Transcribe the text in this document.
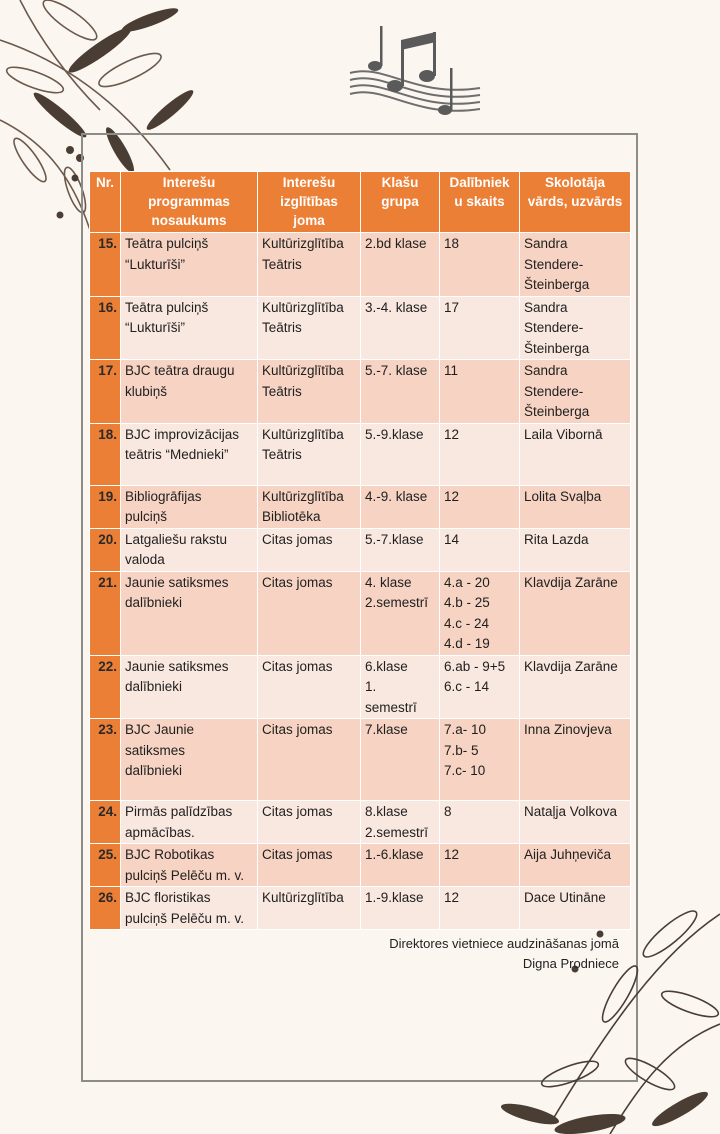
Nr.	Interešu
programmas
nosaukums	Interešu
izglītības
joma	Klašu
grupa	Dalībniek
u skaits	Skolotāja
vārds, uzvārds

15.	Teātra pulciņš
“Lukturīši”	Kultūrizglītība
Teātris	2.bd klase	18	Sandra
Stendere-
Šteinberga

16.	Teātra pulciņš
“Lukturīši”	Kultūrizglītība
Teātris	3.-4. klase	17	Sandra
Stendere-
Šteinberga

17.	BJC teātra draugu
klubiņš	Kultūrizglītība
Teātris	5.-7. klase	11	Sandra
Stendere-
Šteinberga

18.	BJC improvizācijas
teātris “Mednieki”	Kultūrizglītība
Teātris	5.-9.klase	12	Laila Vibornā

19.	Bibliogrāfijas
pulciņš	Kultūrizglītība
Bibliotēka	4.-9. klase	12	Lolita Svaļba

20.	Latgaliešu rakstu
valoda	Citas jomas	5.-7.klase	14	Rita Lazda

21.	Jaunie satiksmes
dalībnieki	Citas jomas	4. klase
2.semestrī	4.a - 20
4.b - 25
4.c - 24
4.d - 19	Klavdija Zarāne

22.	Jaunie satiksmes
dalībnieki	Citas jomas	6.klase
1.
semestrī	6.ab - 9+5
6.c - 14	Klavdija Zarāne

23.	BJC Jaunie
satiksmes
dalībnieki	Citas jomas	7.klase	7.a- 10
7.b- 5
7.c- 10	Inna Zinovjeva

24.	Pirmās palīdzības
apmācības.	Citas jomas	8.klase
2.semestrī	8	Nataļja Volkova

25.	BJC Robotikas
pulciņš Pelēču m. v.	Citas jomas	1.-6.klase	12	Aija Juhņeviča

26.	BJC floristikas
pulciņš Pelēču m. v.	Kultūrizglītība	1.-9.klase	12	Dace Utināne
Direktores vietniece audzināšanas jomā
Digna Prodniece
